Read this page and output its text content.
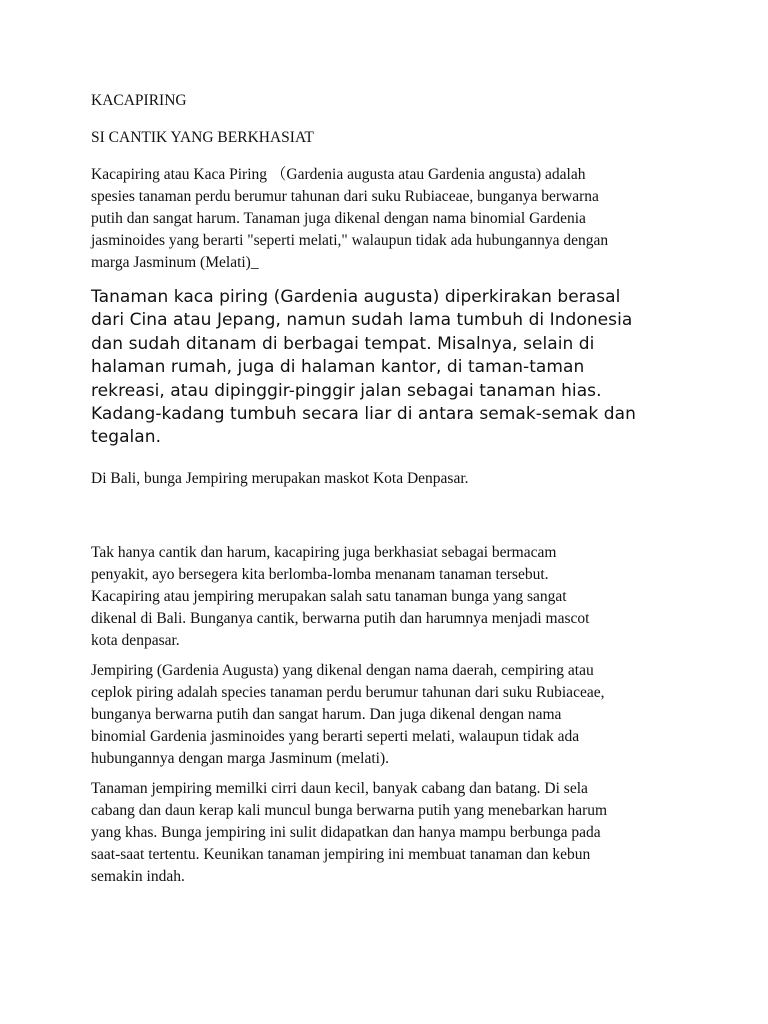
KACAPIRING

SI CANTIK YANG BERKHASIAT

Kacapiring atau Kaca Piring （Gardenia augusta atau Gardenia angusta) adalah
spesies tanaman perdu berumur tahunan dari suku Rubiaceae, bunganya berwarna
putih dan sangat harum. Tanaman juga dikenal dengan nama binomial Gardenia
jasminoides yang berarti "seperti melati," walaupun tidak ada hubungannya dengan
marga Jasminum (Melati)_

Tanaman kaca piring (Gardenia augusta) diperkirakan berasal
dari Cina atau Jepang, namun sudah lama tumbuh di Indonesia
dan sudah ditanam di berbagai tempat. Misalnya, selain di
halaman rumah, juga di halaman kantor, di taman-taman
rekreasi, atau dipinggir-pinggir jalan sebagai tanaman hias.
Kadang-kadang tumbuh secara liar di antara semak-semak dan
tegalan.

Di Bali, bunga Jempiring merupakan maskot Kota Denpasar.

Tak hanya cantik dan harum, kacapiring juga berkhasiat sebagai bermacam
penyakit, ayo bersegera kita berlomba-lomba menanam tanaman tersebut.
Kacapiring atau jempiring merupakan salah satu tanaman bunga yang sangat
dikenal di Bali. Bunganya cantik, berwarna putih dan harumnya menjadi mascot
kota denpasar.

Jempiring (Gardenia Augusta) yang dikenal dengan nama daerah, cempiring atau
ceplok piring adalah species tanaman perdu berumur tahunan dari suku Rubiaceae,
bunganya berwarna putih dan sangat harum. Dan juga dikenal dengan nama
binomial Gardenia jasminoides yang berarti seperti melati, walaupun tidak ada
hubungannya dengan marga Jasminum (melati).

Tanaman jempiring memilki cirri daun kecil, banyak cabang dan batang. Di sela
cabang dan daun kerap kali muncul bunga berwarna putih yang menebarkan harum
yang khas. Bunga jempiring ini sulit didapatkan dan hanya mampu berbunga pada
saat-saat tertentu. Keunikan tanaman jempiring ini membuat tanaman dan kebun
semakin indah.
